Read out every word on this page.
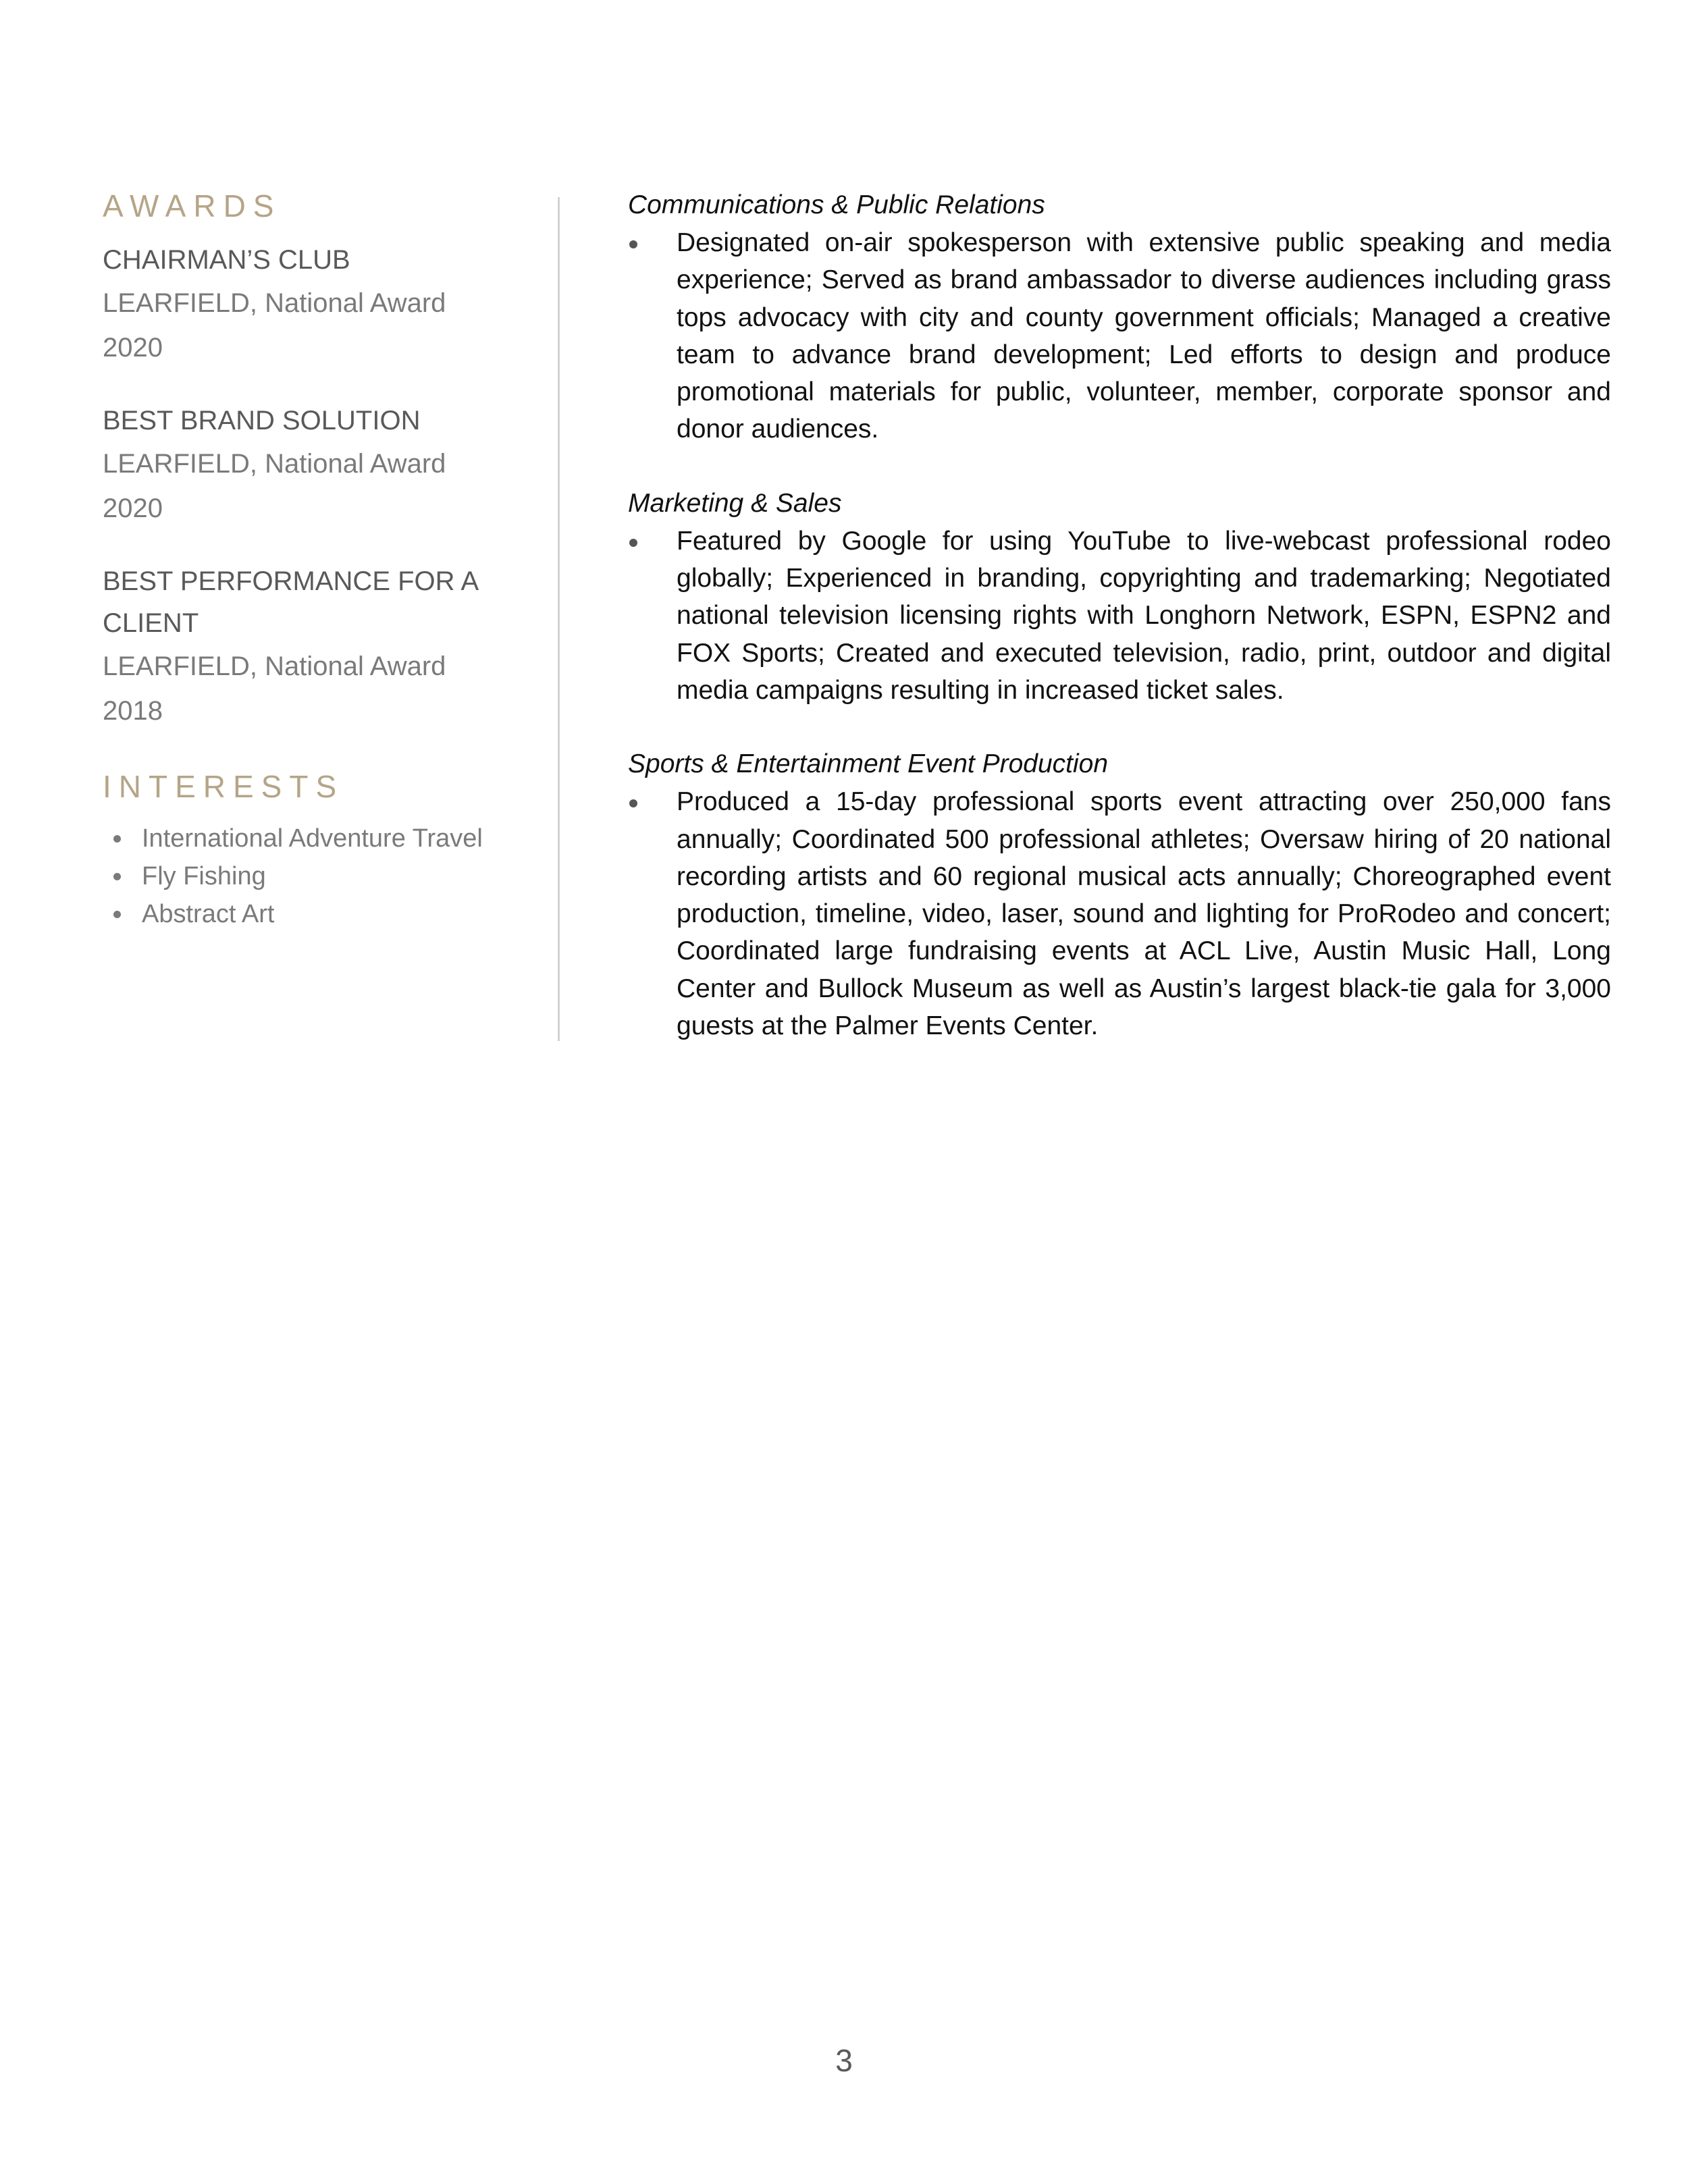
AWARDS
CHAIRMAN’S CLUB
LEARFIELD, National Award
2020
BEST BRAND SOLUTION
LEARFIELD, National Award
2020
BEST PERFORMANCE FOR A CLIENT
LEARFIELD, National Award
2018
INTERESTS
International Adventure Travel
Fly Fishing
Abstract Art

Communications & Public Relations

Designated on-air spokesperson with extensive public speaking and media experience; Served as brand ambassador to diverse audiences including grass tops advocacy with city and county government officials; Managed a creative team to advance brand development; Led efforts to design and produce promotional materials for public, volunteer, member, corporate sponsor and donor audiences.

Marketing & Sales

Featured by Google for using YouTube to live-webcast professional rodeo globally; Experienced in branding, copyrighting and trademarking; Negotiated national television licensing rights with Longhorn Network, ESPN, ESPN2 and FOX Sports; Created and executed television, radio, print, outdoor and digital media campaigns resulting in increased ticket sales.

Sports & Entertainment Event Production

Produced a 15-day professional sports event attracting over 250,000 fans annually; Coordinated 500 professional athletes; Oversaw hiring of 20 national recording artists and 60 regional musical acts annually; Choreographed event production, timeline, video, laser, sound and lighting for ProRodeo and concert; Coordinated large fundraising events at ACL Live, Austin Music Hall, Long Center and Bullock Museum as well as Austin’s largest black-tie gala for 3,000 guests at the Palmer Events Center.

3
